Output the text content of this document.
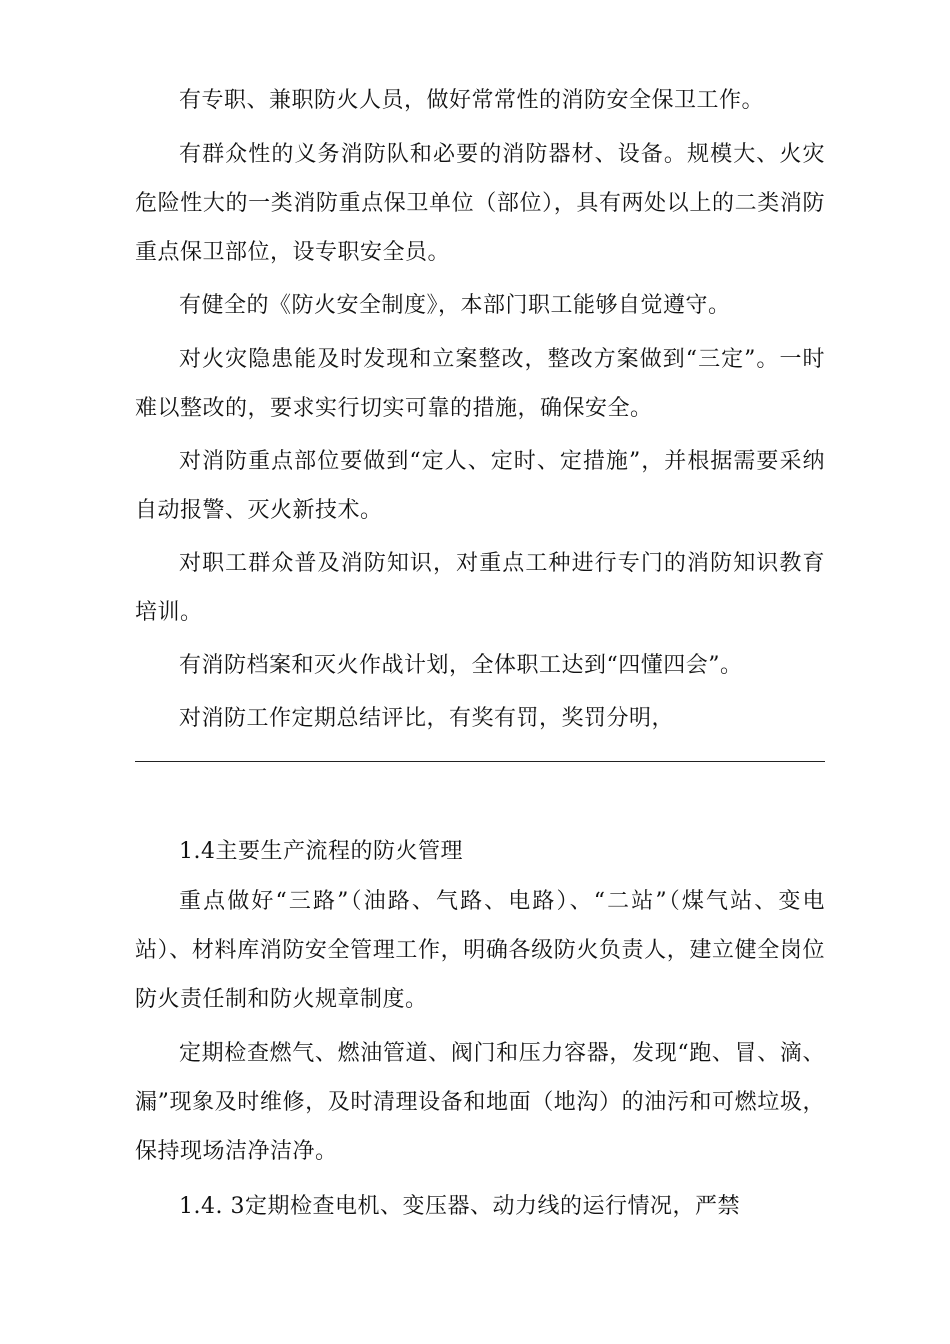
有专职、兼职防火人员，做好常常性的消防安全保卫工作。

有群众性的义务消防队和必要的消防器材、设备。规模大、火灾危险性大的一类消防重点保卫单位（部位），具有两处以上的二类消防重点保卫部位，设专职安全员。

有健全的《防火安全制度》，本部门职工能够自觉遵守。

对火灾隐患能及时发现和立案整改，整改方案做到“三定”。一时难以整改的，要求实行切实可靠的措施，确保安全。

对消防重点部位要做到“定人、定时、定措施”，并根据需要采纳自动报警、灭火新技术。

对职工群众普及消防知识，对重点工种进行专门的消防知识教育培训。

有消防档案和灭火作战计划，全体职工达到“四懂四会”。

对消防工作定期总结评比，有奖有罚，奖罚分明，

1.4主要生产流程的防火管理

重点做好“三路”（油路、气路、电路）、“二站”（煤气站、变电站）、材料库消防安全管理工作，明确各级防火负责人，建立健全岗位防火责任制和防火规章制度。

定期检查燃气、燃油管道、阀门和压力容器，发现“跑、冒、滴、漏”现象及时维修，及时清理设备和地面（地沟）的油污和可燃垃圾，保持现场洁净洁净。

1.4. 3定期检查电机、变压器、动力线的运行情况，严禁
